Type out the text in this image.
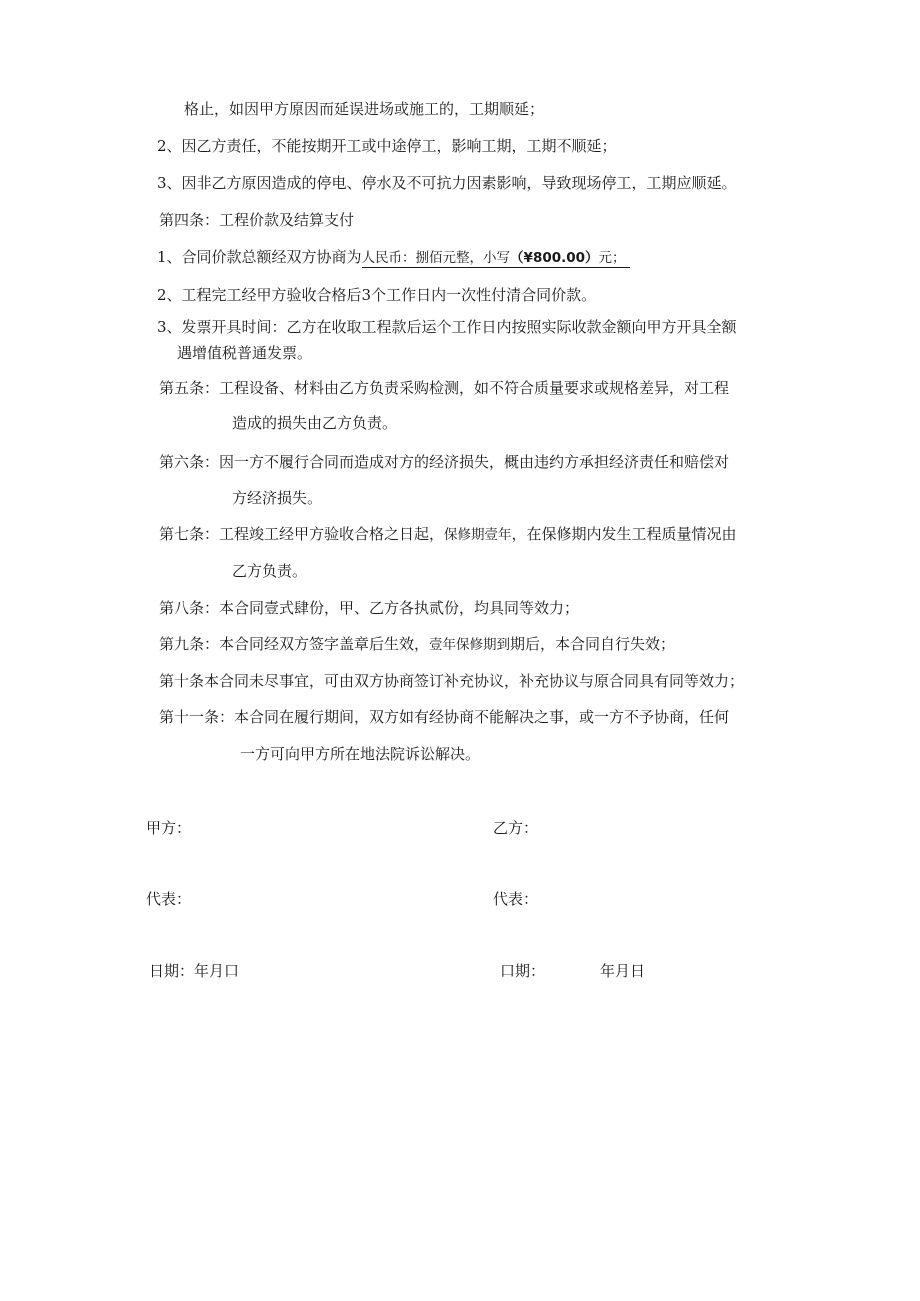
格止，如因甲方原因而延误进场或施工的，工期顺延；
2、因乙方责任，不能按期开工或中途停工，影响工期，工期不顺延；
3、因非乙方原因造成的停电、停水及不可抗力因素影响，导致现场停工，工期应顺延。
第四条：工程价款及结算支付
1、合同价款总额经双方协商为人民币：捌佰元整，小写（¥800.00）元；
2、工程完工经甲方验收合格后3个工作日内一次性付清合同价款。
3、发票开具时间：乙方在收取工程款后运个工作日内按照实际收款金额向甲方开具全额
遇增值税普通发票。
第五条：工程设备、材料由乙方负责采购检测，如不符合质量要求或规格差异，对工程
造成的损失由乙方负责。
第六条：因一方不履行合同而造成对方的经济损失，概由违约方承担经济责任和赔偿对
方经济损失。
第七条：工程竣工经甲方验收合格之日起，保修期壹年，在保修期内发生工程质量情况由
乙方负责。
第八条：本合同壹式肆份，甲、乙方各执贰份，均具同等效力；
第九条：本合同经双方签字盖章后生效，壹年保修期到期后，本合同自行失效；
第十条本合同未尽事宜，可由双方协商签订补充协议，补充协议与原合同具有同等效力；
第十一条：本合同在履行期间，双方如有经协商不能解决之事，或一方不予协商，任何
一方可向甲方所在地法院诉讼解决。
甲方：	乙方：
代表：	代表：
日期：年月口	口期：	年月日
